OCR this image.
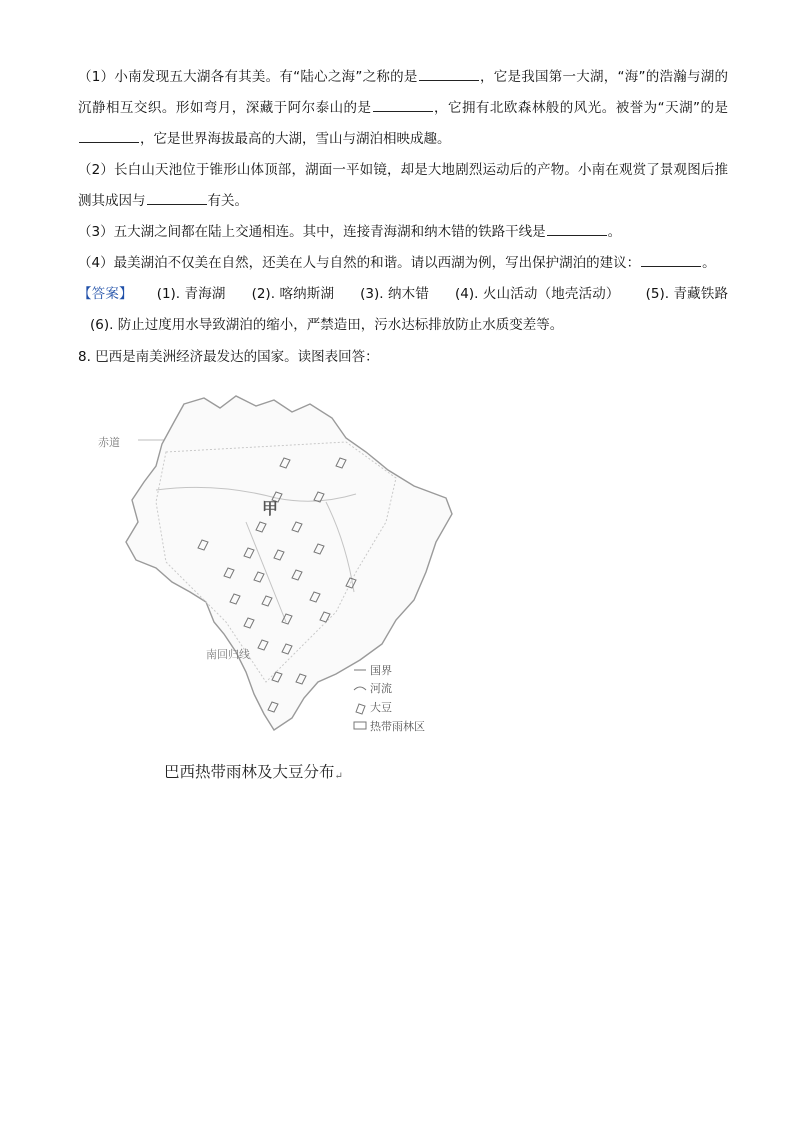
（1）小南发现五大湖各有其美。有“陆心之海”之称的是	，它是我国第一大湖，“海”的浩瀚与湖的沉静相互交织。形如弯月，深藏于阿尔泰山的是	，它拥有北欧森林般的风光。被誉为“天湖”的是，它是世界海拔最高的大湖，雪山与湖泊相映成趣。

（2）长白山天池位于锥形山体顶部，湖面一平如镜，却是大地剧烈运动后的产物。小南在观赏了景观图后推测其成因与	有关。

（3）五大湖之间都在陆上交通相连。其中，连接青海湖和纳木错的铁路干线是	。

（4）最美湖泊不仅美在自然，还美在人与自然的和谐。请以西湖为例，写出保护湖泊的建议：	。

【答案】 (1). 青海湖 (2). 喀纳斯湖 (3). 纳木错 (4). 火山活动（地壳活动） (5). 青藏铁路(6). 防止过度用水导致湖泊的缩小，严禁造田，污水达标排放防止水质变差等。

8. 巴西是南美洲经济最发达的国家。读图表回答：

赤道
甲
南回归线
国界
河流
大豆
热带雨林区
巴西热带雨林及大豆分布↵
